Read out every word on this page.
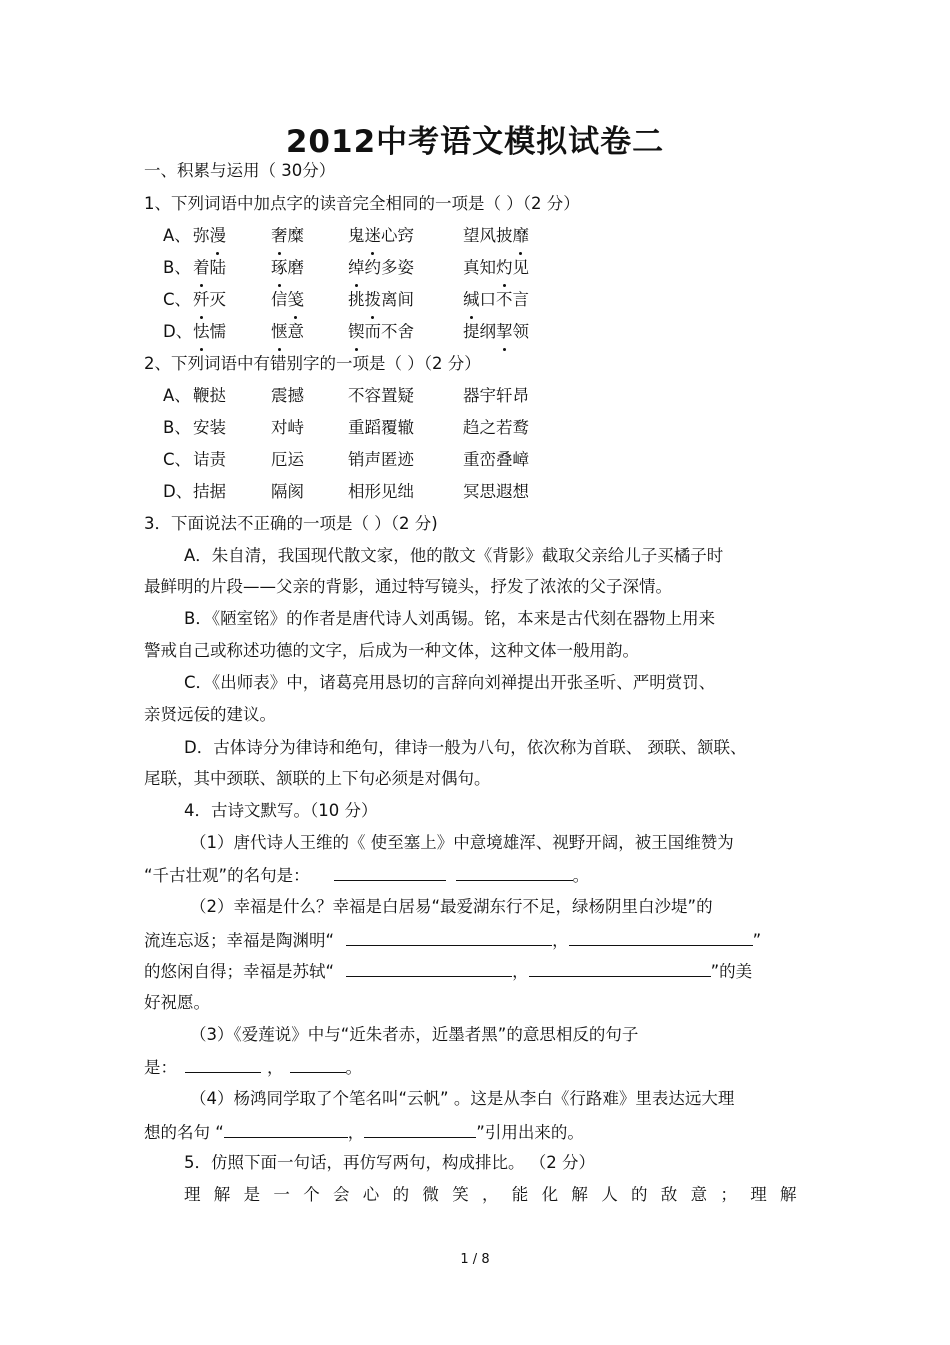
2012中考语文模拟试卷二
一、积累与运用（ 30分）
1、下列词语中加点字的读音完全相同的一项是（ ）（2 分）
A、 弥漫	奢糜	鬼迷心窍	望风披靡
B、 着陆	琢磨	绰约多姿	真知灼见
C、 歼灭	信笺	挑拨离间	缄口不言
D、 怯懦	惬意	锲而不舍	提纲挈领
2、下列词语中有错别字的一项是（ ）（2 分）
A、 鞭挞	震撼	不容置疑	器宇轩昂
B、 安装	对峙	重蹈覆辙	趋之若鹜
C、 诘责	厄运	销声匿迹	重峦叠嶂
D、 拮据	隔阂	相形见绌	冥思遐想
3．下面说法不正确的一项是（ ）（2 分)
A．朱自清，我国现代散文家，他的散文《背影》截取父亲给儿子买橘子时
最鲜明的片段——父亲的背影，通过特写镜头，抒发了浓浓的父子深情。
B．《陋室铭》的作者是唐代诗人刘禹锡。铭，本来是古代刻在器物上用来
警戒自己或称述功德的文字，后成为一种文体，这种文体一般用韵。
C．《出师表》中，诸葛亮用恳切的言辞向刘禅提出开张圣听、严明赏罚、
亲贤远佞的建议。
D．古体诗分为律诗和绝句，律诗一般为八句，依次称为首联、 颈联、颔联、
尾联，其中颈联、颔联的上下句必须是对偶句。
4．古诗文默写。（10 分）
（1）唐代诗人王维的《 使至塞上》中意境雄浑、视野开阔，被王国维赞为
“千古壮观”的名句是：	。
（2）幸福是什么？幸福是白居易“最爱湖东行不足，绿杨阴里白沙堤”的
流连忘返；幸福是陶渊明“	，	”
的悠闲自得；幸福是苏轼“	，	”的美
好祝愿。
（3）《爱莲说》中与“近朱者赤，近墨者黑”的意思相反的句子
是：	，	。
（4）杨鸿同学取了个笔名叫“云帆” 。这是从李白《行路难》里表达远大理
想的名句 “	，	”引用出来的。
5．仿照下面一句话，再仿写两句，构成排比。 （2 分）
理解是一个会心的微笑，能化解人的敌意；理解
1 / 8
